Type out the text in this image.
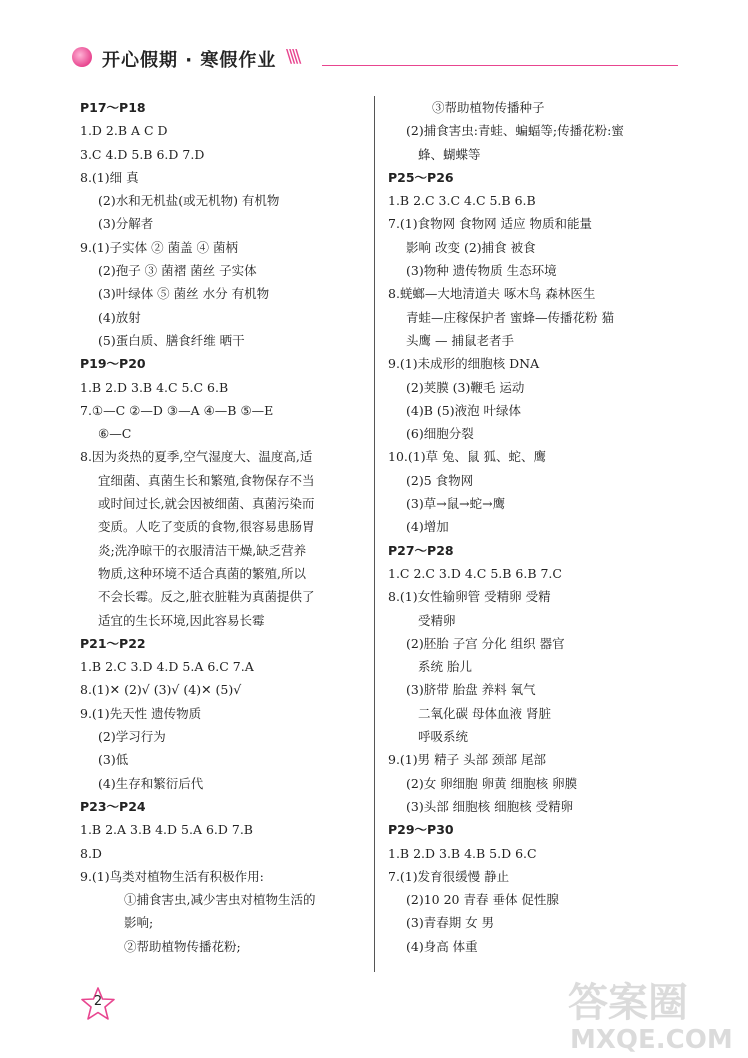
开心假期 · 寒假作业 \\\\
P17～P18
1.D 2.B A C D
3.C 4.D 5.B 6.D 7.D
8.(1)细 真
(2)水和无机盐(或无机物) 有机物
(3)分解者
9.(1)子实体 ② 菌盖 ④ 菌柄
(2)孢子 ③ 菌褶 菌丝 子实体
(3)叶绿体 ⑤ 菌丝 水分 有机物
(4)放射
(5)蛋白质、膳食纤维 晒干
P19～P20
1.B 2.D 3.B 4.C 5.C 6.B
7.①—C ②—D ③—A ④—B ⑤—E
⑥—C
8.因为炎热的夏季,空气湿度大、温度高,适
宜细菌、真菌生长和繁殖,食物保存不当
或时间过长,就会因被细菌、真菌污染而
变质。人吃了变质的食物,很容易患肠胃
炎;洗净晾干的衣服清洁干燥,缺乏营养
物质,这种环境不适合真菌的繁殖,所以
不会长霉。反之,脏衣脏鞋为真菌提供了
适宜的生长环境,因此容易长霉
P21～P22
1.B 2.C 3.D 4.D 5.A 6.C 7.A
8.(1)✕ (2)√ (3)√ (4)✕ (5)√
9.(1)先天性 遗传物质
(2)学习行为
(3)低
(4)生存和繁衍后代
P23～P24
1.B 2.A 3.B 4.D 5.A 6.D 7.B
8.D
9.(1)鸟类对植物生活有积极作用:
①捕食害虫,减少害虫对植物生活的
影响;
②帮助植物传播花粉;
③帮助植物传播种子
(2)捕食害虫:青蛙、蝙蝠等;传播花粉:蜜
蜂、蝴蝶等
P25～P26
1.B 2.C 3.C 4.C 5.B 6.B
7.(1)食物网 食物网 适应 物质和能量
影响 改变 (2)捕食 被食
(3)物种 遗传物质 生态环境
8.蜣螂—大地清道夫 啄木鸟 森林医生
青蛙—庄稼保护者 蜜蜂—传播花粉 猫
头鹰 — 捕鼠老者手
9.(1)未成形的细胞核 DNA
(2)荚膜 (3)鞭毛 运动
(4)B (5)液泡 叶绿体
(6)细胞分裂
10.(1)草 兔、鼠 狐、蛇、鹰
(2)5 食物网
(3)草→鼠→蛇→鹰
(4)增加
P27～P28
1.C 2.C 3.D 4.C 5.B 6.B 7.C
8.(1)女性输卵管 受精卵 受精
受精卵
(2)胚胎 子宫 分化 组织 器官
系统 胎儿
(3)脐带 胎盘 养料 氧气
二氧化碳 母体血液 肾脏
呼吸系统
9.(1)男 精子 头部 颈部 尾部
(2)女 卵细胞 卵黄 细胞核 卵膜
(3)头部 细胞核 细胞核 受精卵
P29～P30
1.B 2.D 3.B 4.B 5.D 6.C
7.(1)发育很缓慢 静止
(2)10 20 青春 垂体 促性腺
(3)青春期 女 男
(4)身高 体重
2	答案圈
MXQE.COM
